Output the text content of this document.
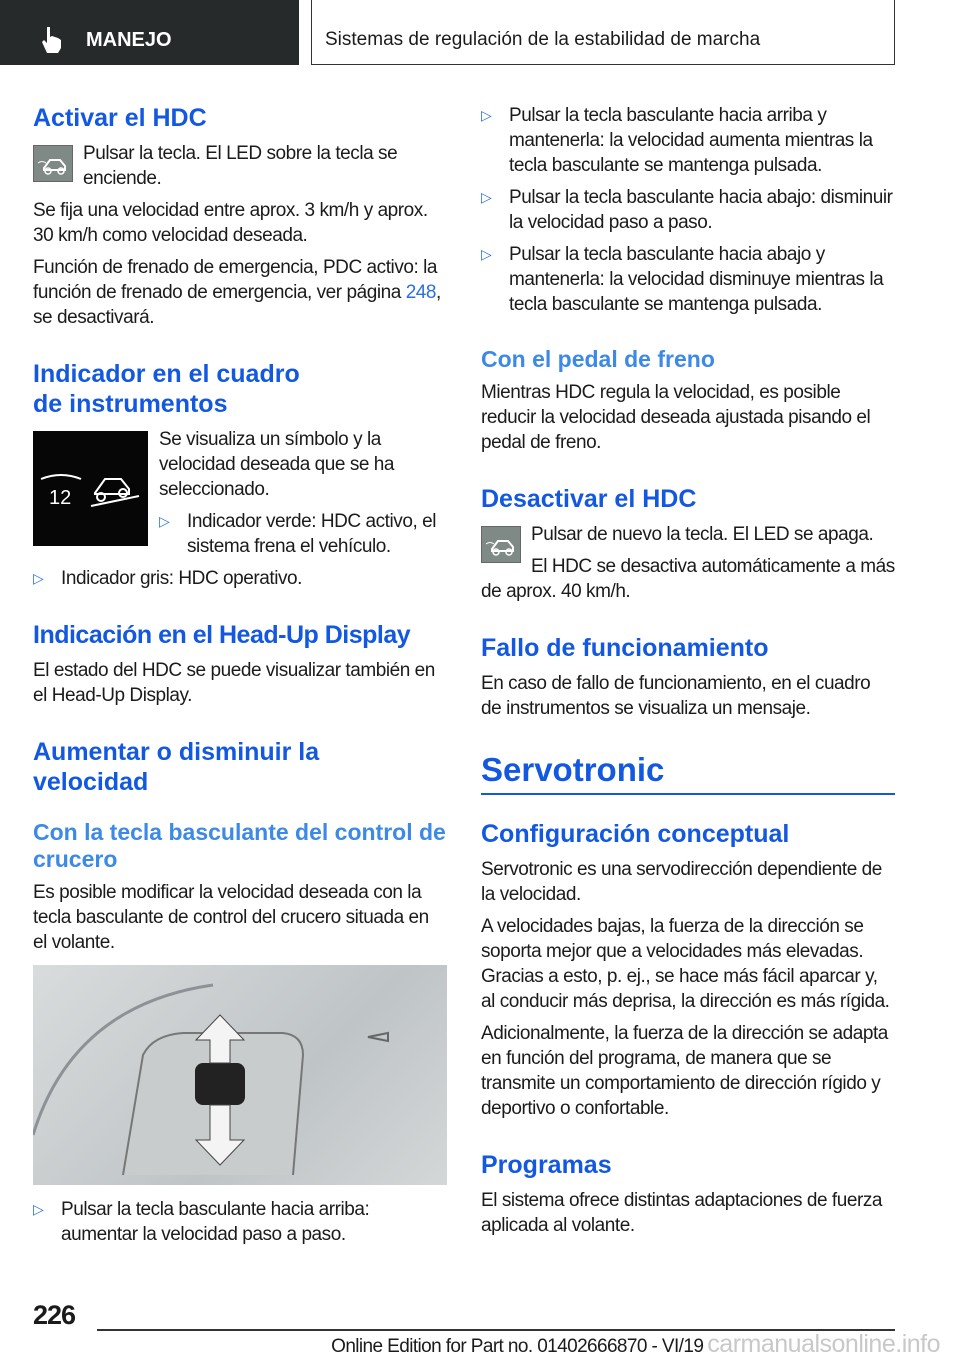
MANEJO	Sistemas de regulación de la estabilidad de marcha
Activar el HDC

Pulsar la tecla. El LED sobre la tecla se enciende.

Se fija una velocidad entre aprox. 3 km/h y aprox. 30 km/h como velocidad deseada.

Función de frenado de emergencia, PDC activo: la función de frenado de emergencia, ver página 248, se desactivará.

Indicador en el cuadro de instrumentos
12

Se visualiza un símbolo y la velocidad deseada que se ha seleccionado.

▷ Indicador verde: HDC activo, el sistema frena el vehículo.

▷ Indicador gris: HDC operativo.

Indicación en el Head-Up Display

El estado del HDC se puede visualizar también en el Head-Up Display.

Aumentar o disminuir la velocidad
Con la tecla basculante del control de crucero

Es posible modificar la velocidad deseada con la tecla basculante de control del crucero situada en el volante.

▷ Pulsar la tecla basculante hacia arriba: aumentar la velocidad paso a paso.

▷ Pulsar la tecla basculante hacia arriba y mantenerla: la velocidad aumenta mientras la tecla basculante se mantenga pulsada.

▷ Pulsar la tecla basculante hacia abajo: disminuir la velocidad paso a paso.

▷ Pulsar la tecla basculante hacia abajo y mantenerla: la velocidad disminuye mientras la tecla basculante se mantenga pulsada.

Con el pedal de freno

Mientras HDC regula la velocidad, es posible reducir la velocidad deseada ajustada pisando el pedal de freno.

Desactivar el HDC

Pulsar de nuevo la tecla. El LED se apaga.

El HDC se desactiva automáticamente a más de aprox. 40 km/h.

Fallo de funcionamiento

En caso de fallo de funcionamiento, en el cuadro de instrumentos se visualiza un mensaje.

Servotronic
Configuración conceptual

Servotronic es una servodirección dependiente de la velocidad.

A velocidades bajas, la fuerza de la dirección se soporta mejor que a velocidades más elevadas. Gracias a esto, p. ej., se hace más fácil aparcar y, al conducir más deprisa, la dirección es más rígida.

Adicionalmente, la fuerza de la dirección se adapta en función del programa, de manera que se transmite un comportamiento de dirección rígido y deportivo o confortable.

Programas

El sistema ofrece distintas adaptaciones de fuerza aplicada al volante.

226
Online Edition for Part no. 01402666870 - VI/19 carmanualsonline.info
